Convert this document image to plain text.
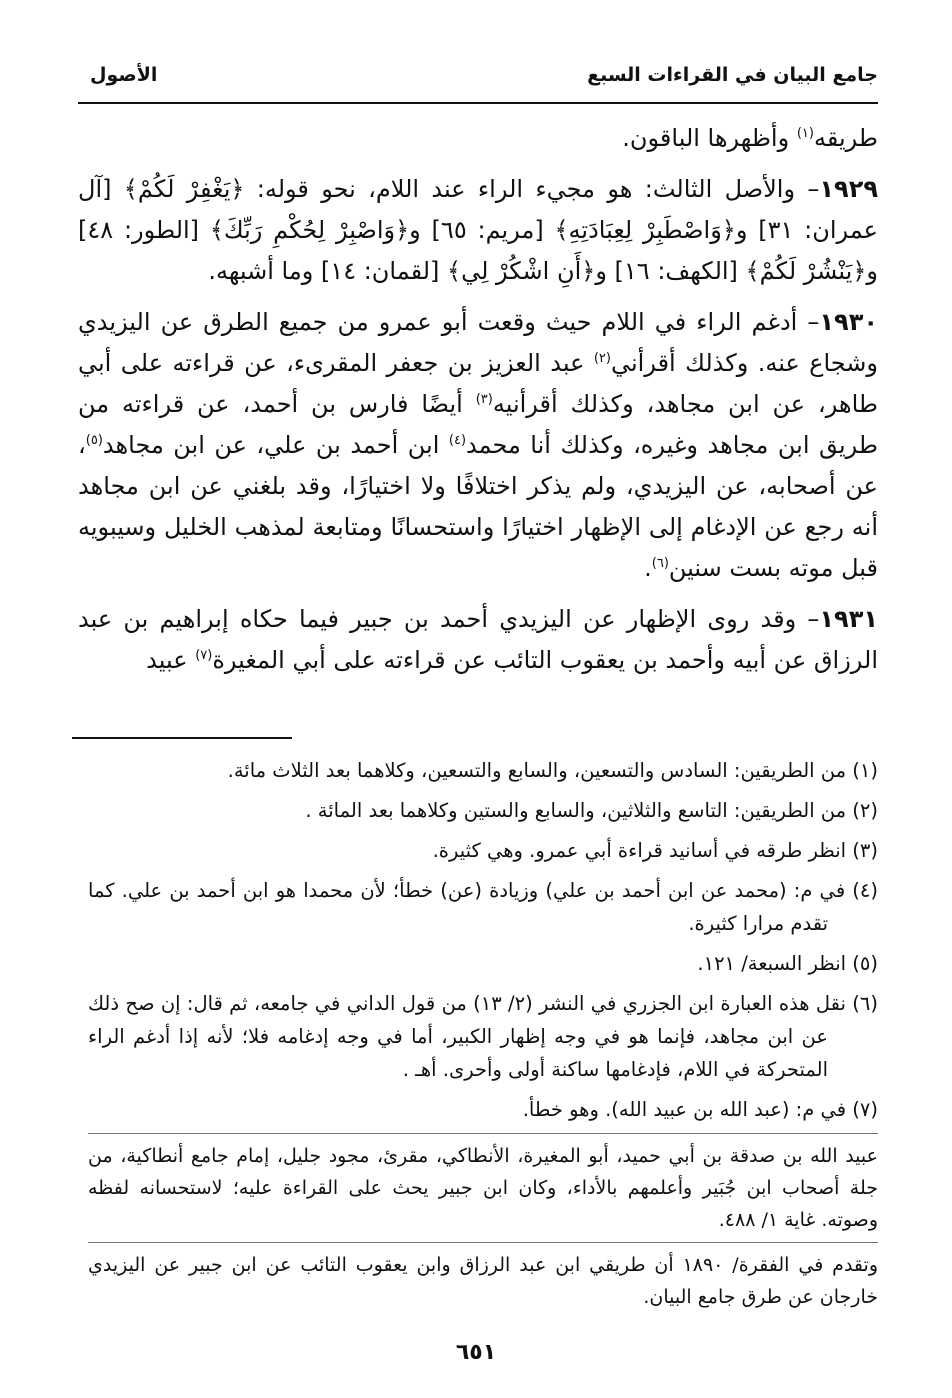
جامع البيان في القراءات السبع
الأصول

طريقه$^{(١)}$ وأظهرها الباقون.

١٩٢٩– والأصل الثالث: هو مجيء الراء عند اللام، نحو قوله: ﴿يَغْفِرْ لَكُمْ﴾ [آل عمران: ٣١] و﴿وَاصْطَبِرْ لِعِبَادَتِهِ﴾ [مريم: ٦٥] و﴿وَاصْبِرْ لِحُكْمِ رَبِّكَ﴾ [الطور: ٤٨] و﴿يَنْشُرْ لَكُمْ﴾ [الكهف: ١٦] و﴿أَنِ اشْكُرْ لِي﴾ [لقمان: ١٤] وما أشبهه.

١٩٣٠– أدغم الراء في اللام حيث وقعت أبو عمرو من جميع الطرق عن اليزيدي وشجاع عنه. وكذلك أقرأني$^{(٢)}$ عبد العزيز بن جعفر المقرىء، عن قراءته على أبي طاهر، عن ابن مجاهد، وكذلك أقرأنيه$^{(٣)}$ أيضًا فارس بن أحمد، عن قراءته من طريق ابن مجاهد وغيره، وكذلك أنا محمد$^{(٤)}$ ابن أحمد بن علي، عن ابن مجاهد$^{(٥)}$، عن أصحابه، عن اليزيدي، ولم يذكر اختلافًا ولا اختيارًا، وقد بلغني عن ابن مجاهد أنه رجع عن الإدغام إلى الإظهار اختيارًا واستحسانًا ومتابعة لمذهب الخليل وسيبويه قبل موته بست سنين$^{(٦)}$.

١٩٣١– وقد روى الإظهار عن اليزيدي أحمد بن جبير فيما حكاه إبراهيم بن عبد الرزاق عن أبيه وأحمد بن يعقوب التائب عن قراءته على أبي المغيرة$^{(٧)}$ عبيد

(١) من الطريقين: السادس والتسعين، والسابع والتسعين، وكلاهما بعد الثلاث مائة.

(٢) من الطريقين: التاسع والثلاثين، والسابع والستين وكلاهما بعد المائة .

(٣) انظر طرقه في أسانيد قراءة أبي عمرو. وهي كثيرة.

(٤) في م: (محمد عن ابن أحمد بن علي) وزيادة (عن) خطأ؛ لأن محمدا هو ابن أحمد بن علي. كما تقدم مرارا كثيرة.

(٥) انظر السبعة/ ١٢١.

(٦) نقل هذه العبارة ابن الجزري في النشر (٢/ ١٣) من قول الداني في جامعه، ثم قال: إن صح ذلك عن ابن مجاهد، فإنما هو في وجه إظهار الكبير، أما في وجه إدغامه فلا؛ لأنه إذا أدغم الراء المتحركة في اللام، فإدغامها ساكنة أولى وأحرى. أهـ .

(٧) في م: (عبد الله بن عبيد الله). وهو خطأ.

عبيد الله بن صدقة بن أبي حميد، أبو المغيرة، الأنطاكي، مقرئ، مجود جليل، إمام جامع أنطاكية، من جلة أصحاب ابن جُبَير وأعلمهم بالأداء، وكان ابن جبير يحث على القراءة عليه؛ لاستحسانه لفظه وصوته. غاية ١/ ٤٨٨.

وتقدم في الفقرة/ ١٨٩٠ أن طريقي ابن عبد الرزاق وابن يعقوب التائب عن ابن جبير عن اليزيدي خارجان عن طرق جامع البيان.

٦٥١
